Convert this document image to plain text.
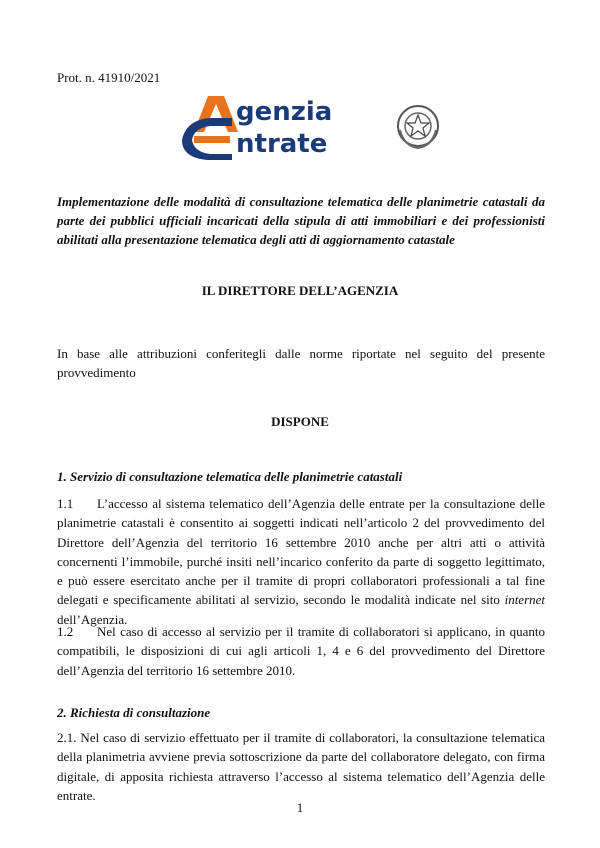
Prot. n. 41910/2021
genzia
ntrate
Implementazione delle modalità di consultazione telematica delle planimetrie catastali da parte dei pubblici ufficiali incaricati della stipula di atti immobiliari e dei professionisti abilitati alla presentazione telematica degli atti di aggiornamento catastale
IL DIRETTORE DELL’AGENZIA
In base alle attribuzioni conferitegli dalle norme riportate nel seguito del presente provvedimento
DISPONE
1. Servizio di consultazione telematica delle planimetrie catastali
1.1 L’accesso al sistema telematico dell’Agenzia delle entrate per la consultazione delle planimetrie catastali è consentito ai soggetti indicati nell’articolo 2 del provvedimento del Direttore dell’Agenzia del territorio 16 settembre 2010 anche per altri atti o attività concernenti l’immobile, purché insiti nell’incarico conferito da parte di soggetto legittimato, e può essere esercitato anche per il tramite di propri collaboratori professionali a tal fine delegati e specificamente abilitati al servizio, secondo le modalità indicate nel sito internet dell’Agenzia.
1.2 Nel caso di accesso al servizio per il tramite di collaboratori si applicano, in quanto compatibili, le disposizioni di cui agli articoli 1, 4 e 6 del provvedimento del Direttore dell’Agenzia del territorio 16 settembre 2010.
2. Richiesta di consultazione
2.1. Nel caso di servizio effettuato per il tramite di collaboratori, la consultazione telematica della planimetria avviene previa sottoscrizione da parte del collaboratore delegato, con firma digitale, di apposita richiesta attraverso l’accesso al sistema telematico dell’Agenzia delle entrate.
1
